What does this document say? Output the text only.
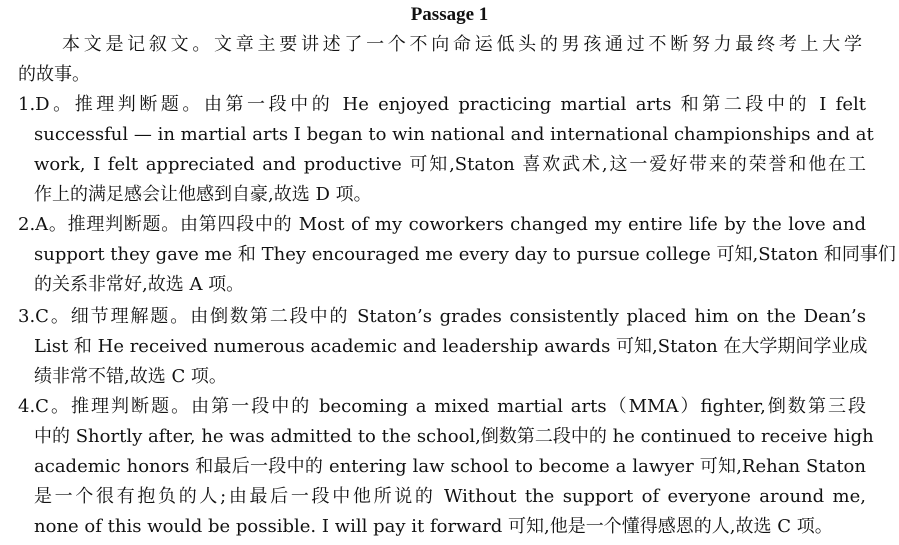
Passage 1
本文是记叙文。文章主要讲述了一个不向命运低头的男孩通过不断努力最终考上大学
的故事。
1.D。推理判断题。由第一段中的 He enjoyed practicing martial arts 和第二段中的 I felt
successful — in martial arts I began to win national and international championships and at
work, I felt appreciated and productive 可知,Staton 喜欢武术,这一爱好带来的荣誉和他在工
作上的满足感会让他感到自豪,故选 D 项。
2.A。推理判断题。由第四段中的 Most of my coworkers changed my entire life by the love and
support they gave me 和 They encouraged me every day to pursue college 可知,Staton 和同事们
的关系非常好,故选 A 项。
3.C。细节理解题。由倒数第二段中的 Staton’s grades consistently placed him on the Dean’s
List 和 He received numerous academic and leadership awards 可知,Staton 在大学期间学业成
绩非常不错,故选 C 项。
4.C。推理判断题。由第一段中的 becoming a mixed martial arts（MMA）fighter,倒数第三段
中的 Shortly after, he was admitted to the school,倒数第二段中的 he continued to receive high
academic honors 和最后一段中的 entering law school to become a lawyer 可知,Rehan Staton
是一个很有抱负的人;由最后一段中他所说的 Without the support of everyone around me,
none of this would be possible. I will pay it forward 可知,他是一个懂得感恩的人,故选 C 项。
